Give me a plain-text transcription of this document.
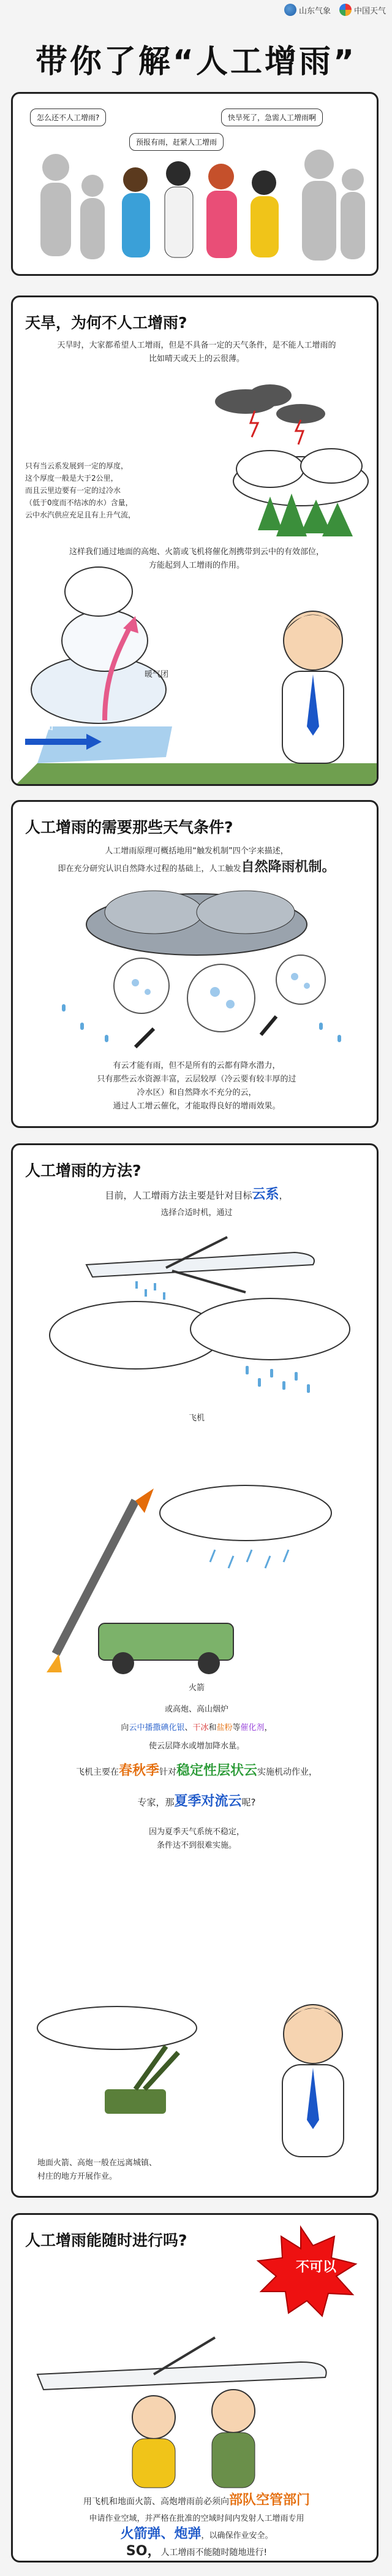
山东气象	中国天气
带你了解“人工增雨”
怎么还不人工增雨?
预报有雨，赶紧人工增雨
快旱死了，急需人工增雨啊
天旱，为何不人工增雨?
天旱时，大家都希望人工增雨，但是不具备一定的天气条件，是不能人工增雨的
比如晴天或天上的云很薄。
只有当云系发展到一定的厚度，
这个厚度一般是大于2公里，
而且云里边要有一定的过冷水
（低于0度而不结冰的水）含量，
云中水汽供应充足且有上升气流，
这样我们通过地面的高炮、火箭或飞机将催化剂携带到云中的有效部位，
方能起到人工增雨的作用。
暖气团
冷气团
人工增雨的需要那些天气条件?
人工增雨原理可概括地用“触发机制”四个字来描述，
即在充分研究认识自然降水过程的基础上，人工触发自然降雨机制。
有云才能有雨，但不是所有的云都有降水潜力，
只有那些云水资源丰富，云层较厚（冷云要有较丰厚的过
冷水区）和自然降水不充分的云，
通过人工增云催化，才能取得良好的增雨效果。
人工增雨的方法?
目前，人工增雨方法主要是针对目标云系，
选择合适时机，通过
飞机
火箭
或高炮、高山烟炉
向云中播撒碘化银、干冰和盐粉等催化剂，
使云层降水或增加降水量。
飞机主要在春秋季针对稳定性层状云实施机动作业，
专家，那夏季对流云呢?
因为夏季天气系统不稳定，
条件达不到很难实施。
地面火箭、高炮一般在远离城镇、
村庄的地方开展作业。
人工增雨能随时进行吗?
不可以
用飞机和地面火箭、高炮增雨前必须向部队空管部门
申请作业空域，并严格在批准的空域时间内发射人工增雨专用
火箭弹、炮弹，以确保作业安全。
SO，人工增雨不能随时随地进行!
